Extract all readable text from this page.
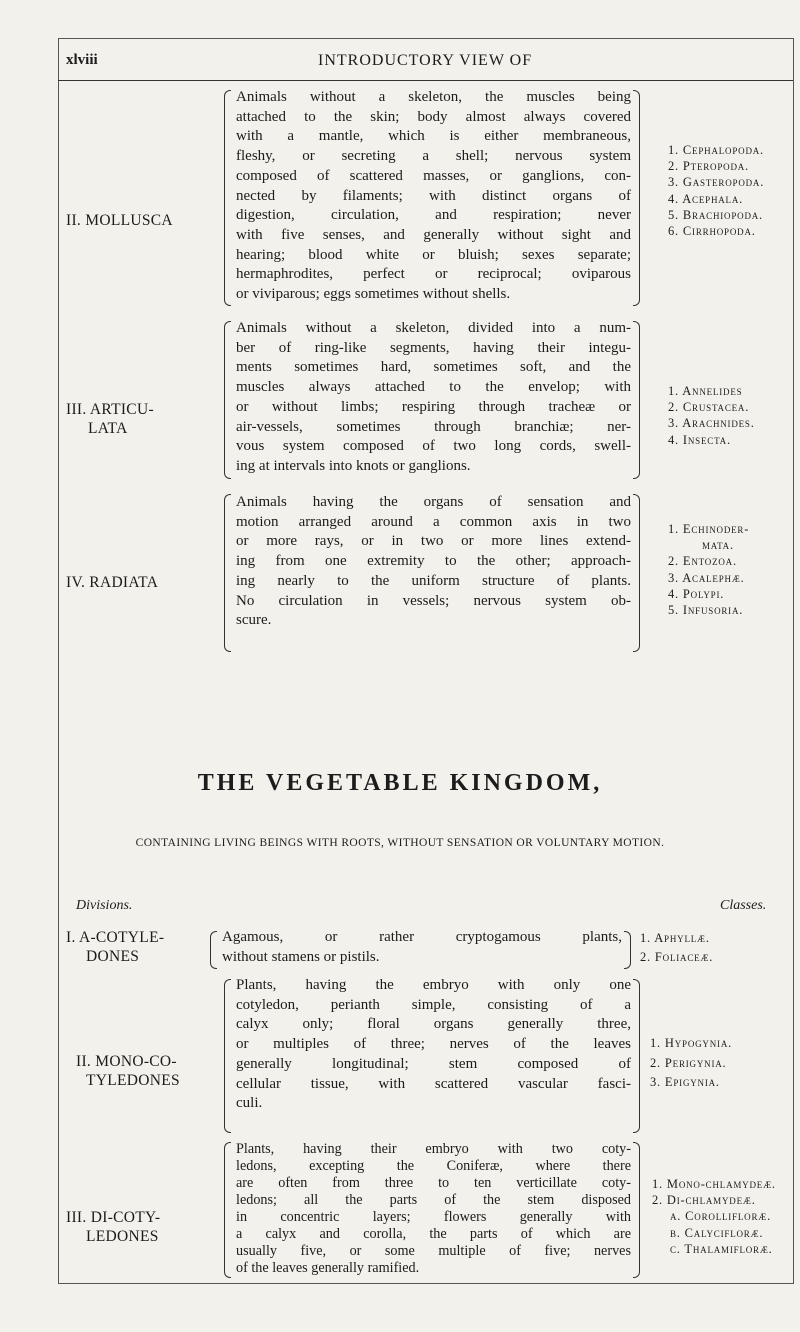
xlviii	INTRODUCTORY VIEW OF
II. MOLLUSCA
Animals without a skeleton, the muscles being
attached to the skin; body almost always covered
with a mantle, which is either membraneous,
fleshy, or secreting a shell; nervous system
composed of scattered masses, or ganglions, con-
nected by filaments; with distinct organs of
digestion, circulation, and respiration; never
with five senses, and generally without sight and
hearing; blood white or bluish; sexes separate;
hermaphrodites, perfect or reciprocal; oviparous
or viviparous; eggs sometimes without shells.
1. Cephalopoda.
2. Pteropoda.
3. Gasteropoda.
4. Acephala.
5. Brachiopoda.
6. Cirrhopoda.
III. ARTICU-
LATA
Animals without a skeleton, divided into a num-
ber of ring-like segments, having their integu-
ments sometimes hard, sometimes soft, and the
muscles always attached to the envelop; with
or without limbs; respiring through tracheæ or
air-vessels, sometimes through branchiæ; ner-
vous system composed of two long cords, swell-
ing at intervals into knots or ganglions.
1. Annelides
2. Crustacea.
3. Arachnides.
4. Insecta.
IV. RADIATA
Animals having the organs of sensation and
motion arranged around a common axis in two
or more rays, or in two or more lines extend-
ing from one extremity to the other; approach-
ing nearly to the uniform structure of plants.
No circulation in vessels; nervous system ob-
scure.
1. Echinoder-
mata.
2. Entozoa.
3. Acalephæ.
4. Polypi.
5. Infusoria.
THE VEGETABLE KINGDOM,
CONTAINING LIVING BEINGS WITH ROOTS, WITHOUT SENSATION OR VOLUNTARY MOTION.
Divisions.	Classes.
I. A-COTYLE-
DONES
Agamous, or rather cryptogamous plants,
without stamens or pistils.
1. Aphyllæ.
2. Foliaceæ.
II. MONO-CO-
TYLEDONES
Plants, having the embryo with only one
cotyledon, perianth simple, consisting of a
calyx only; floral organs generally three,
or multiples of three; nerves of the leaves
generally longitudinal; stem composed of
cellular tissue, with scattered vascular fasci-
culi.
1. Hypogynia.
2. Perigynia.
3. Epigynia.
III. DI-COTY-
LEDONES
Plants, having their embryo with two coty-
ledons, excepting the Coniferæ, where there
are often from three to ten verticillate coty-
ledons; all the parts of the stem disposed
in concentric layers; flowers generally with
a calyx and corolla, the parts of which are
usually five, or some multiple of five; nerves
of the leaves generally ramified.
1. Mono-chlamydeæ.
2. Di-chlamydeæ.
a. Corollifloræ.
b. Calycifloræ.
c. Thalamifloræ.
